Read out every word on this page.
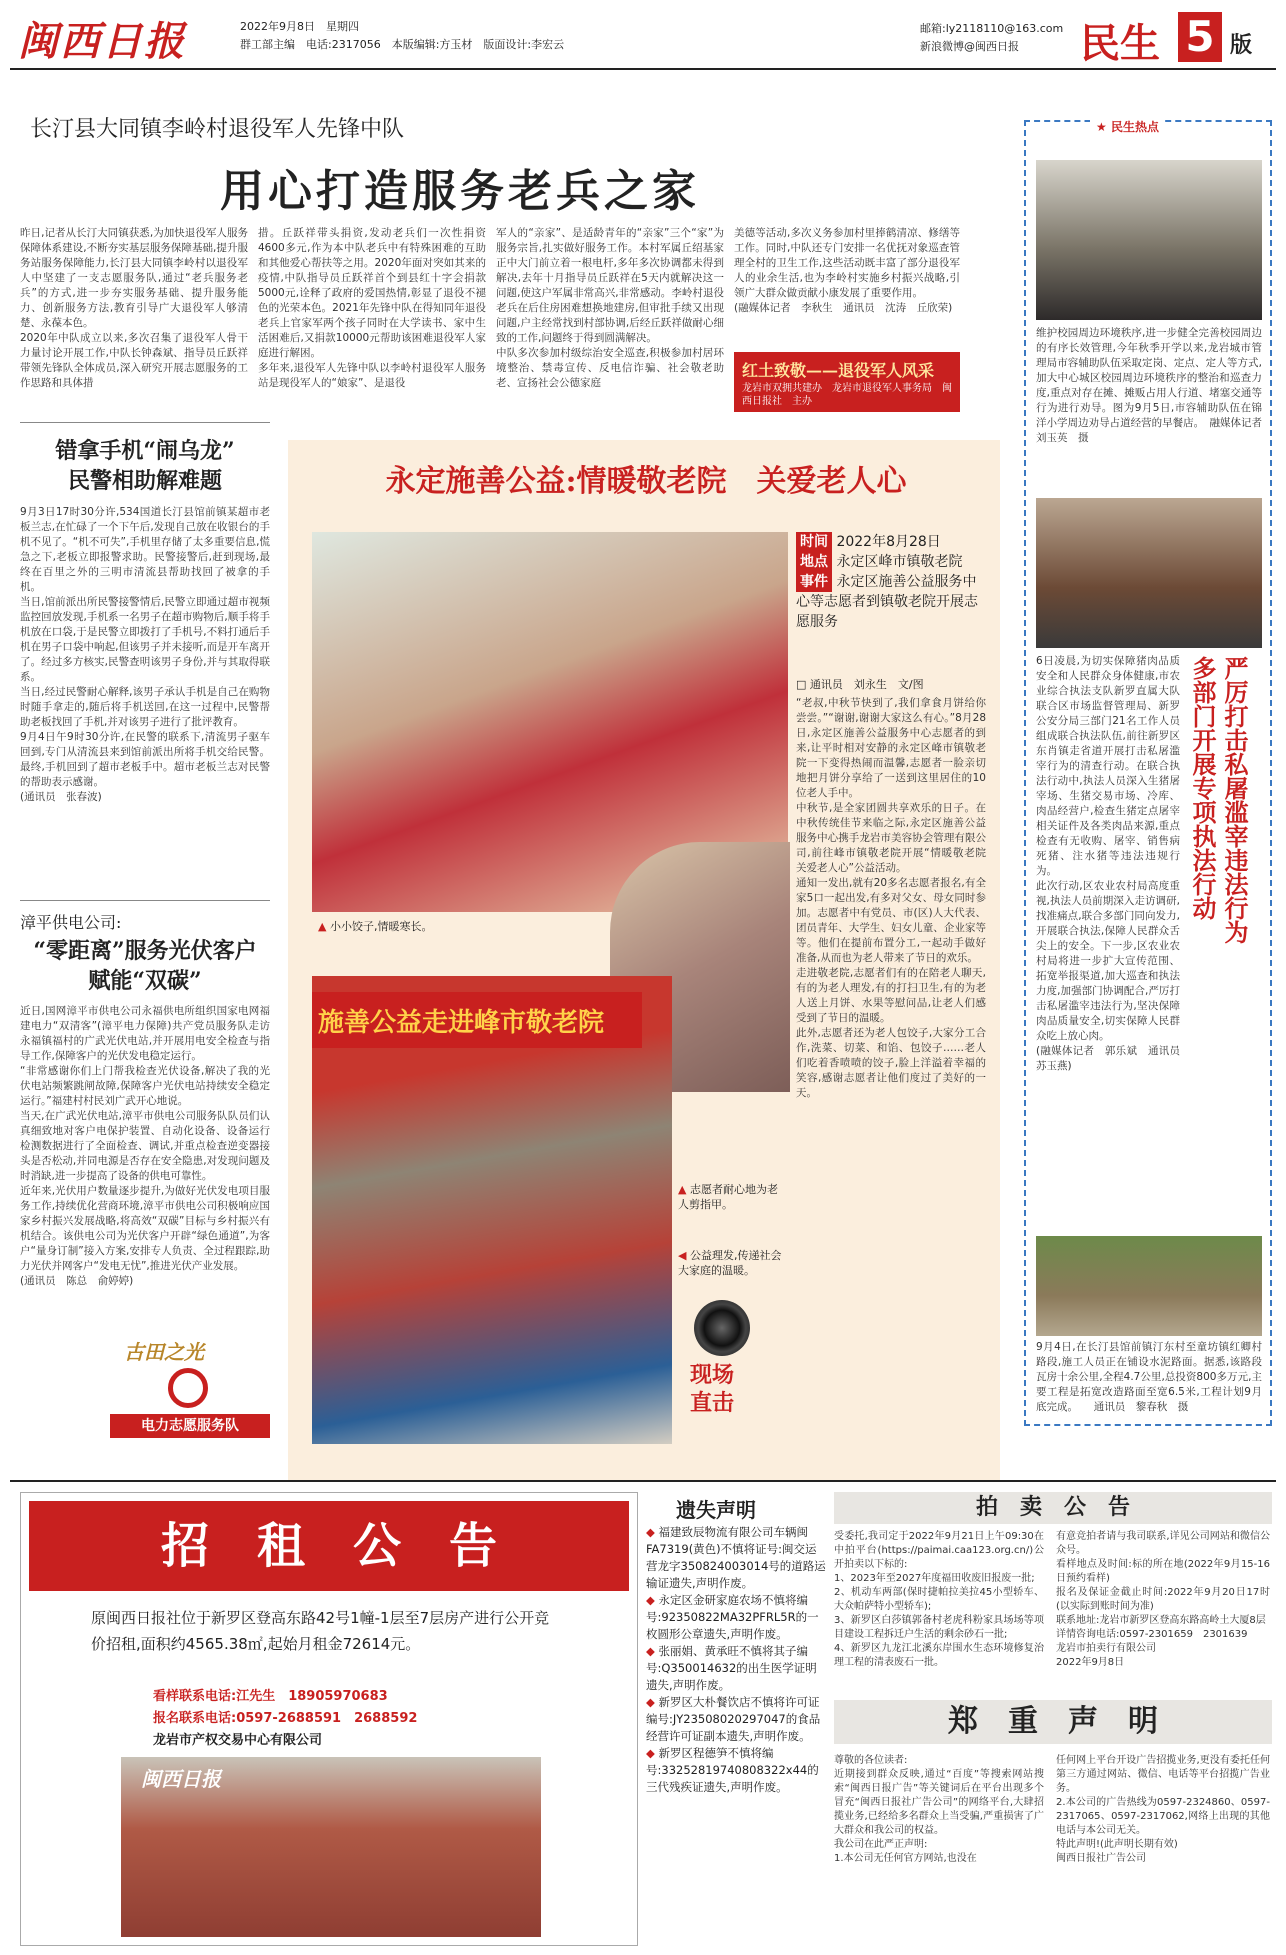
闽西日报	2022年9月8日　星期四
群工部主编　电话:2317056　本版编辑:方玉材　版面设计:李宏云
邮箱:ly2118110@163.com
新浪微博@闽西日报 民生 5 版
长汀县大同镇李岭村退役军人先锋中队
用心打造服务老兵之家
昨日,记者从长汀大同镇获悉,为加快退役军人服务保障体系建设,不断夯实基层服务保障基础,提升服务站服务保障能力,长汀县大同镇李岭村以退役军人中坚建了一支志愿服务队,通过“老兵服务老兵”的方式,进一步夯实服务基础、提升服务能力、创新服务方法,教育引导广大退役军人够清楚、永葆本色。
2020年中队成立以来,多次召集了退役军人骨干力量讨论开展工作,中队长钟森斌、指导员丘跃祥带领先锋队全体成员,深入研究开展志愿服务的工作思路和具体措
措。丘跃祥带头捐资,发动老兵们一次性捐资4600多元,作为本中队老兵中有特殊困难的互助和其他爱心帮扶等之用。2020年面对突如其来的疫情,中队指导员丘跃祥首个到县红十字会捐款5000元,诠释了政府的爱国热情,彰显了退役不褪色的光荣本色。2021年先锋中队在得知同年退役老兵上官家军两个孩子同时在大学读书、家中生活困难后,又捐款10000元帮助该困难退役军人家庭进行解困。
多年来,退役军人先锋中队以李岭村退役军人服务站是现役军人的“娘家”、是退役
军人的“亲家”、是适龄青年的“亲家”三个“家”为服务宗旨,扎实做好服务工作。本村军属丘绍基家正中大门前立着一根电杆,多年多次协调都未得到解决,去年十月指导员丘跃祥在5天内就解决这一问题,使这户军属非常高兴,非常感动。李岭村退役老兵在后住房困难想换地建房,但审批手续又出现问题,户主经常找到村部协调,后经丘跃祥做耐心细致的工作,问题终于得到圆满解决。
中队多次参加村级综治安全巡查,积极参加村居环境整治、禁毒宣传、反电信诈骗、社会敬老助老、宣扬社会公德家庭
美德等活动,多次义务参加村里捧鹤清凉、修缮等工作。同时,中队还专门安排一名优抚对象巡查管理全村的卫生工作,这些活动既丰富了部分退役军人的业余生活,也为李岭村实施乡村振兴战略,引领广大群众做贡献小康发展了重要作用。
(融媒体记者　李秋生　通讯员　沈涛　丘欣荣)
红土致敬——退役军人风采
龙岩市双拥共建办　龙岩市退役军人事务局　闽西日报社　主办
错拿手机“闹乌龙”
民警相助解难题
9月3日17时30分许,534国道长汀县馆前镇某超市老板兰志,在忙碌了一个下午后,发现自己放在收银台的手机不见了。“机不可失”,手机里存储了太多重要信息,慌急之下,老板立即报警求助。民警接警后,赶到现场,最终在百里之外的三明市清流县帮助找回了被拿的手机。
当日,馆前派出所民警接警情后,民警立即通过超市视频监控回放发现,手机系一名男子在超市购物后,顺手将手机放在口袋,于是民警立即拨打了手机号,不料打通后手机在男子口袋中响起,但该男子并未接听,而是开车离开了。经过多方核实,民警查明该男子身份,并与其取得联系。
当日,经过民警耐心解释,该男子承认手机是自己在购物时随手拿走的,随后将手机送回,在这一过程中,民警帮助老板找回了手机,并对该男子进行了批评教育。
9月4日午9时30分许,在民警的联系下,清流男子驱车回到,专门从清流县来到馆前派出所将手机交给民警。最终,手机回到了超市老板手中。超市老板兰志对民警的帮助表示感谢。
(通讯员　张春波)
漳平供电公司:
“零距离”服务光伏客户
赋能“双碳”
近日,国网漳平市供电公司永福供电所组织国家电网福建电力“双清客”(漳平电力保障)共产党员服务队走访永福镇福村的广武光伏电站,并开展用电安全检查与指导工作,保障客户的光伏发电稳定运行。
“非常感谢你们上门帮我检查光伏设备,解决了我的光伏电站频繁跳闸故障,保障客户光伏电站持续安全稳定运行。”福建村村民刘广武开心地说。
当天,在广武光伏电站,漳平市供电公司服务队队员们认真细致地对客户电保护装置、自动化设备、设备运行检测数据进行了全面检查、调试,并重点检查逆变器接头是否松动,并同电源是否存在安全隐患,对发现问题及时消缺,进一步提高了设备的供电可靠性。
近年来,光伏用户数量逐步提升,为做好光伏发电项目服务工作,持续优化营商环境,漳平市供电公司积极响应国家乡村振兴发展战略,将高效“双碳”目标与乡村振兴有机结合。该供电公司为光伏客户开辟“绿色通道”,为客户“量身订制”接入方案,安排专人负责、全过程跟踪,助力光伏并网客户“发电无忧”,推进光伏产业发展。
(通讯员　陈总　俞婷婷)
古田之光
电力志愿服务队
永定施善公益:情暖敬老院　关爱老人心
▲ 小小饺子,情暖寒长。
时间 2022年8月28日
地点 永定区峰市镇敬老院
事件 永定区施善公益服务中心等志愿者到镇敬老院开展志愿服务
□ 通讯员　刘永生　文/图
“老叔,中秋节快到了,我们拿食月饼给你尝尝。”“谢谢,谢谢大家这么有心。”8月28日,永定区施善公益服务中心志愿者的到来,让平时相对安静的永定区峰市镇敬老院一下变得热闹而温馨,志愿者一脸亲切地把月饼分享给了一送到这里居住的10位老人手中。
中秋节,是全家团圆共享欢乐的日子。在中秋传统佳节来临之际,永定区施善公益服务中心携手龙岩市美容协会管理有限公司,前往峰市镇敬老院开展“情暖敬老院 关爱老人心”公益活动。
通知一发出,就有20多名志愿者报名,有全家5口一起出发,有多对父女、母女同时参加。志愿者中有党员、市(区)人大代表、团员青年、大学生、妇女儿童、企业家等等。他们在提前布置分工,一起动手做好准备,从而也为老人带来了节日的欢乐。
走进敬老院,志愿者们有的在陪老人聊天,有的为老人理发,有的打扫卫生,有的为老人送上月饼、水果等慰问品,让老人们感受到了节日的温暖。
此外,志愿者还为老人包饺子,大家分工合作,洗菜、切菜、和馅、包饺子……老人们吃着香喷喷的饺子,脸上洋溢着幸福的笑容,感谢志愿者让他们度过了美好的一天。
施善公益走进峰市敬老院
▲ 志愿者耐心地为老人剪指甲。
◀ 公益理发,传递社会大家庭的温暖。
现场直击
★ 民生热点
维护校园周边环境秩序,进一步健全完善校园周边的有序长效管理,今年秋季开学以来,龙岩城市管理局市容辅助队伍采取定岗、定点、定人等方式,加大中心城区校园周边环境秩序的整治和巡查力度,重点对存在摊、摊贩占用人行道、堵塞交通等行为进行劝导。图为9月5日,市容辅助队伍在锦洋小学周边劝导占道经营的早餐店。　融媒体记者　刘玉英　摄
严厉打击私屠滥宰违法行为
多部门开展专项执法行动
6日凌晨,为切实保障猪肉品质安全和人民群众身体健康,市农业综合执法支队新罗直属大队联合区市场监督管理局、新罗公安分局三部门21名工作人员组成联合执法队伍,前往新罗区东肖镇走省道开展打击私屠滥宰行为的清查行动。在联合执法行动中,执法人员深入生猪屠宰场、生猪交易市场、冷库、肉品经营户,检查生猪定点屠宰相关证件及各类肉品来源,重点检查有无收购、屠宰、销售病死猪、注水猪等违法违规行为。
此次行动,区农业农村局高度重视,执法人员前期深入走访调研,找准痛点,联合多部门同向发力,开展联合执法,保障人民群众舌尖上的安全。下一步,区农业农村局将进一步扩大宣传范围、拓宽举报渠道,加大巡查和执法力度,加强部门协调配合,严厉打击私屠滥宰违法行为,坚决保障肉品质量安全,切实保障人民群众吃上放心肉。
(融媒体记者　郭乐斌　通讯员　苏玉燕)
9月4日,在长汀县馆前镇汀东村至童坊镇红卿村路段,施工人员正在铺设水泥路面。据悉,该路段瓦房十余公里,全程4.7公里,总投资800多万元,主要工程是拓宽改造路面至宽6.5米,工程计划9月底完成。　　通讯员　黎春秋　摄
招　租　公　告
原闽西日报社位于新罗区登高东路42号1幢-1层至7层房产进行公开竞价招租,面积约4565.38㎡,起始月租金72614元。
看样联系电话:江先生　18905970683
报名联系电话:0597-2688591　2688592
龙岩市产权交易中心有限公司
闽西日报
遗失声明
◆ 福建致辰物流有限公司车辆闽FA7319(黄色)不慎将证号:闽交运营龙字350824003014号的道路运输证遗失,声明作废。
◆ 永定区金研家庭农场不慎将编号:92350822MA32PFRL5R的一枚圆形公章遗失,声明作废。
◆ 张丽娟、黄承旺不慎将其子编号:Q350014632的出生医学证明遗失,声明作废。
◆ 新罗区大朴餐饮店不慎将许可证编号:JY23508020297047的食品经营许可证副本遗失,声明作废。
◆ 新罗区程德笋不慎将编号:33252819740808322x44的三代残疾证遗失,声明作废。
拍　卖　公　告
受委托,我司定于2022年9月21日上午09:30在中拍平台(https://paimai.caa123.org.cn/)公开拍卖以下标的:
1、2023年至2027年度福田收废旧报废一批;
2、机动车两部(保时捷帕拉美拉45小型轿车、大众帕萨特小型轿车);
3、新罗区白莎镇郭备村老虎科粉家具场场等项目建设工程拆迁户生活的剩余砂石一批;
4、新罗区九龙江北溪东岸围水生态环境修复治理工程的清表废石一批。
有意竞拍者请与我司联系,详见公司网站和微信公众号。
看样地点及时间:标的所在地(2022年9月15-16日预约看样)
报名及保证金截止时间:2022年9月20日17时(以实际到账时间为准)
联系地址:龙岩市新罗区登高东路高岭土大厦8层
详情咨询电话:0597-2301659　2301639
龙岩市拍卖行有限公司
2022年9月8日
郑　重　声　明
尊敬的各位读者:
近期接到群众反映,通过“百度”等搜索网站搜索“闽西日报广告”等关键词后在平台出现多个冒充“闽西日报社广告公司”的网络平台,大肆招揽业务,已经给多名群众上当受骗,严重损害了广大群众和我公司的权益。
我公司在此严正声明:
1.本公司无任何官方网站,也没在
任何网上平台开设广告招揽业务,更没有委托任何第三方通过网站、微信、电话等平台招揽广告业务。
2.本公司的广告热线为0597-2324860、0597-2317065、0597-2317062,网络上出现的其他电话与本公司无关。
特此声明!(此声明长期有效)
闽西日报社广告公司
